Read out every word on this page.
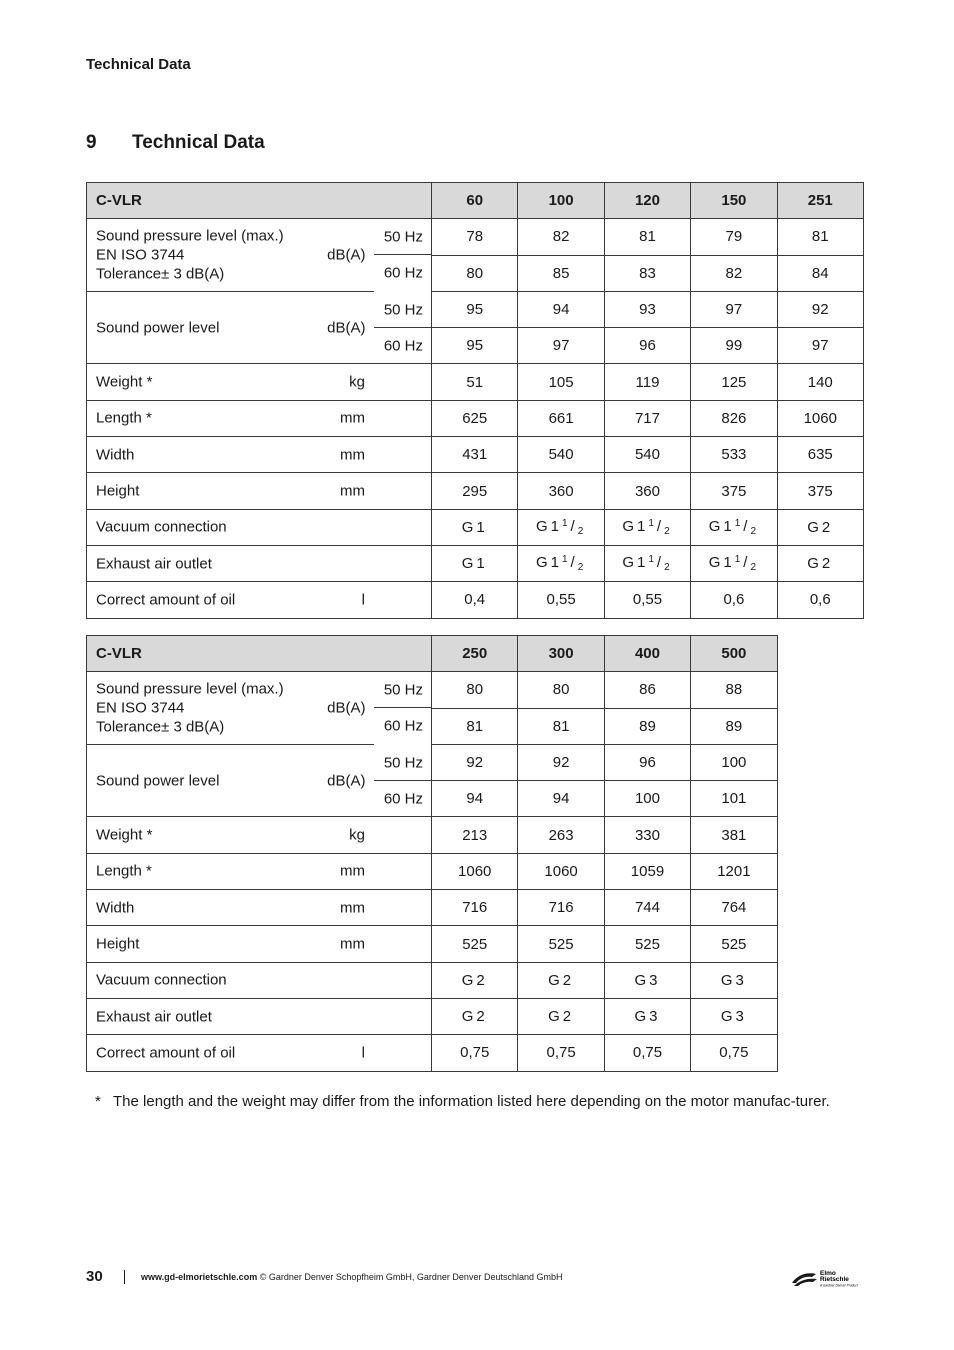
Technical Data
9 Technical Data
C-VLR		60	100	120	150	251

Sound pressure level (max.)
EN ISO 3744
Tolerance± 3 dB(A)
dB(A)	50 Hz	78	82	81	79	81

	60 Hz	80	85	83	82	84

Sound power level dB(A)	50 Hz	95	94	93	97	92

	60 Hz	95	97	96	99	97

Weight * kg		51	105	119	125	140

Length * mm		625	661	717	826	1060

Width mm		431	540	540	533	635

Height mm		295	360	360	375	375

Vacuum connection		G1	$G1^1/_2$	$G1^1/_2$	$G1^1/_2$	G2

Exhaust air outlet		G1	$G1^1/_2$	$G1^1/_2$	$G1^1/_2$	G2

Correct amount of oil l		0,4	0,55	0,55	0,6	0,6
C-VLR		250	300	400	500

Sound pressure level (max.)
EN ISO 3744
Tolerance± 3 dB(A)
dB(A)	50 Hz	80	80	86	88

	60 Hz	81	81	89	89

Sound power level dB(A)	50 Hz	92	92	96	100

	60 Hz	94	94	100	101

Weight * kg		213	263	330	381

Length * mm		1060	1060	1059	1201

Width mm		716	716	744	764

Height mm		525	525	525	525

Vacuum connection		G2	G2	G3	G3

Exhaust air outlet		G2	G2	G3	G3

Correct amount of oil l		0,75	0,75	0,75	0,75
* The length and the weight may differ from the information listed here depending on the motor manufac-turer.
30	www.gd-elmorietschle.com
© Gardner Denver Schopfheim GmbH, Gardner Denver Deutschland GmbH	Elmo
Rietschle
A Gardner Denver Product
